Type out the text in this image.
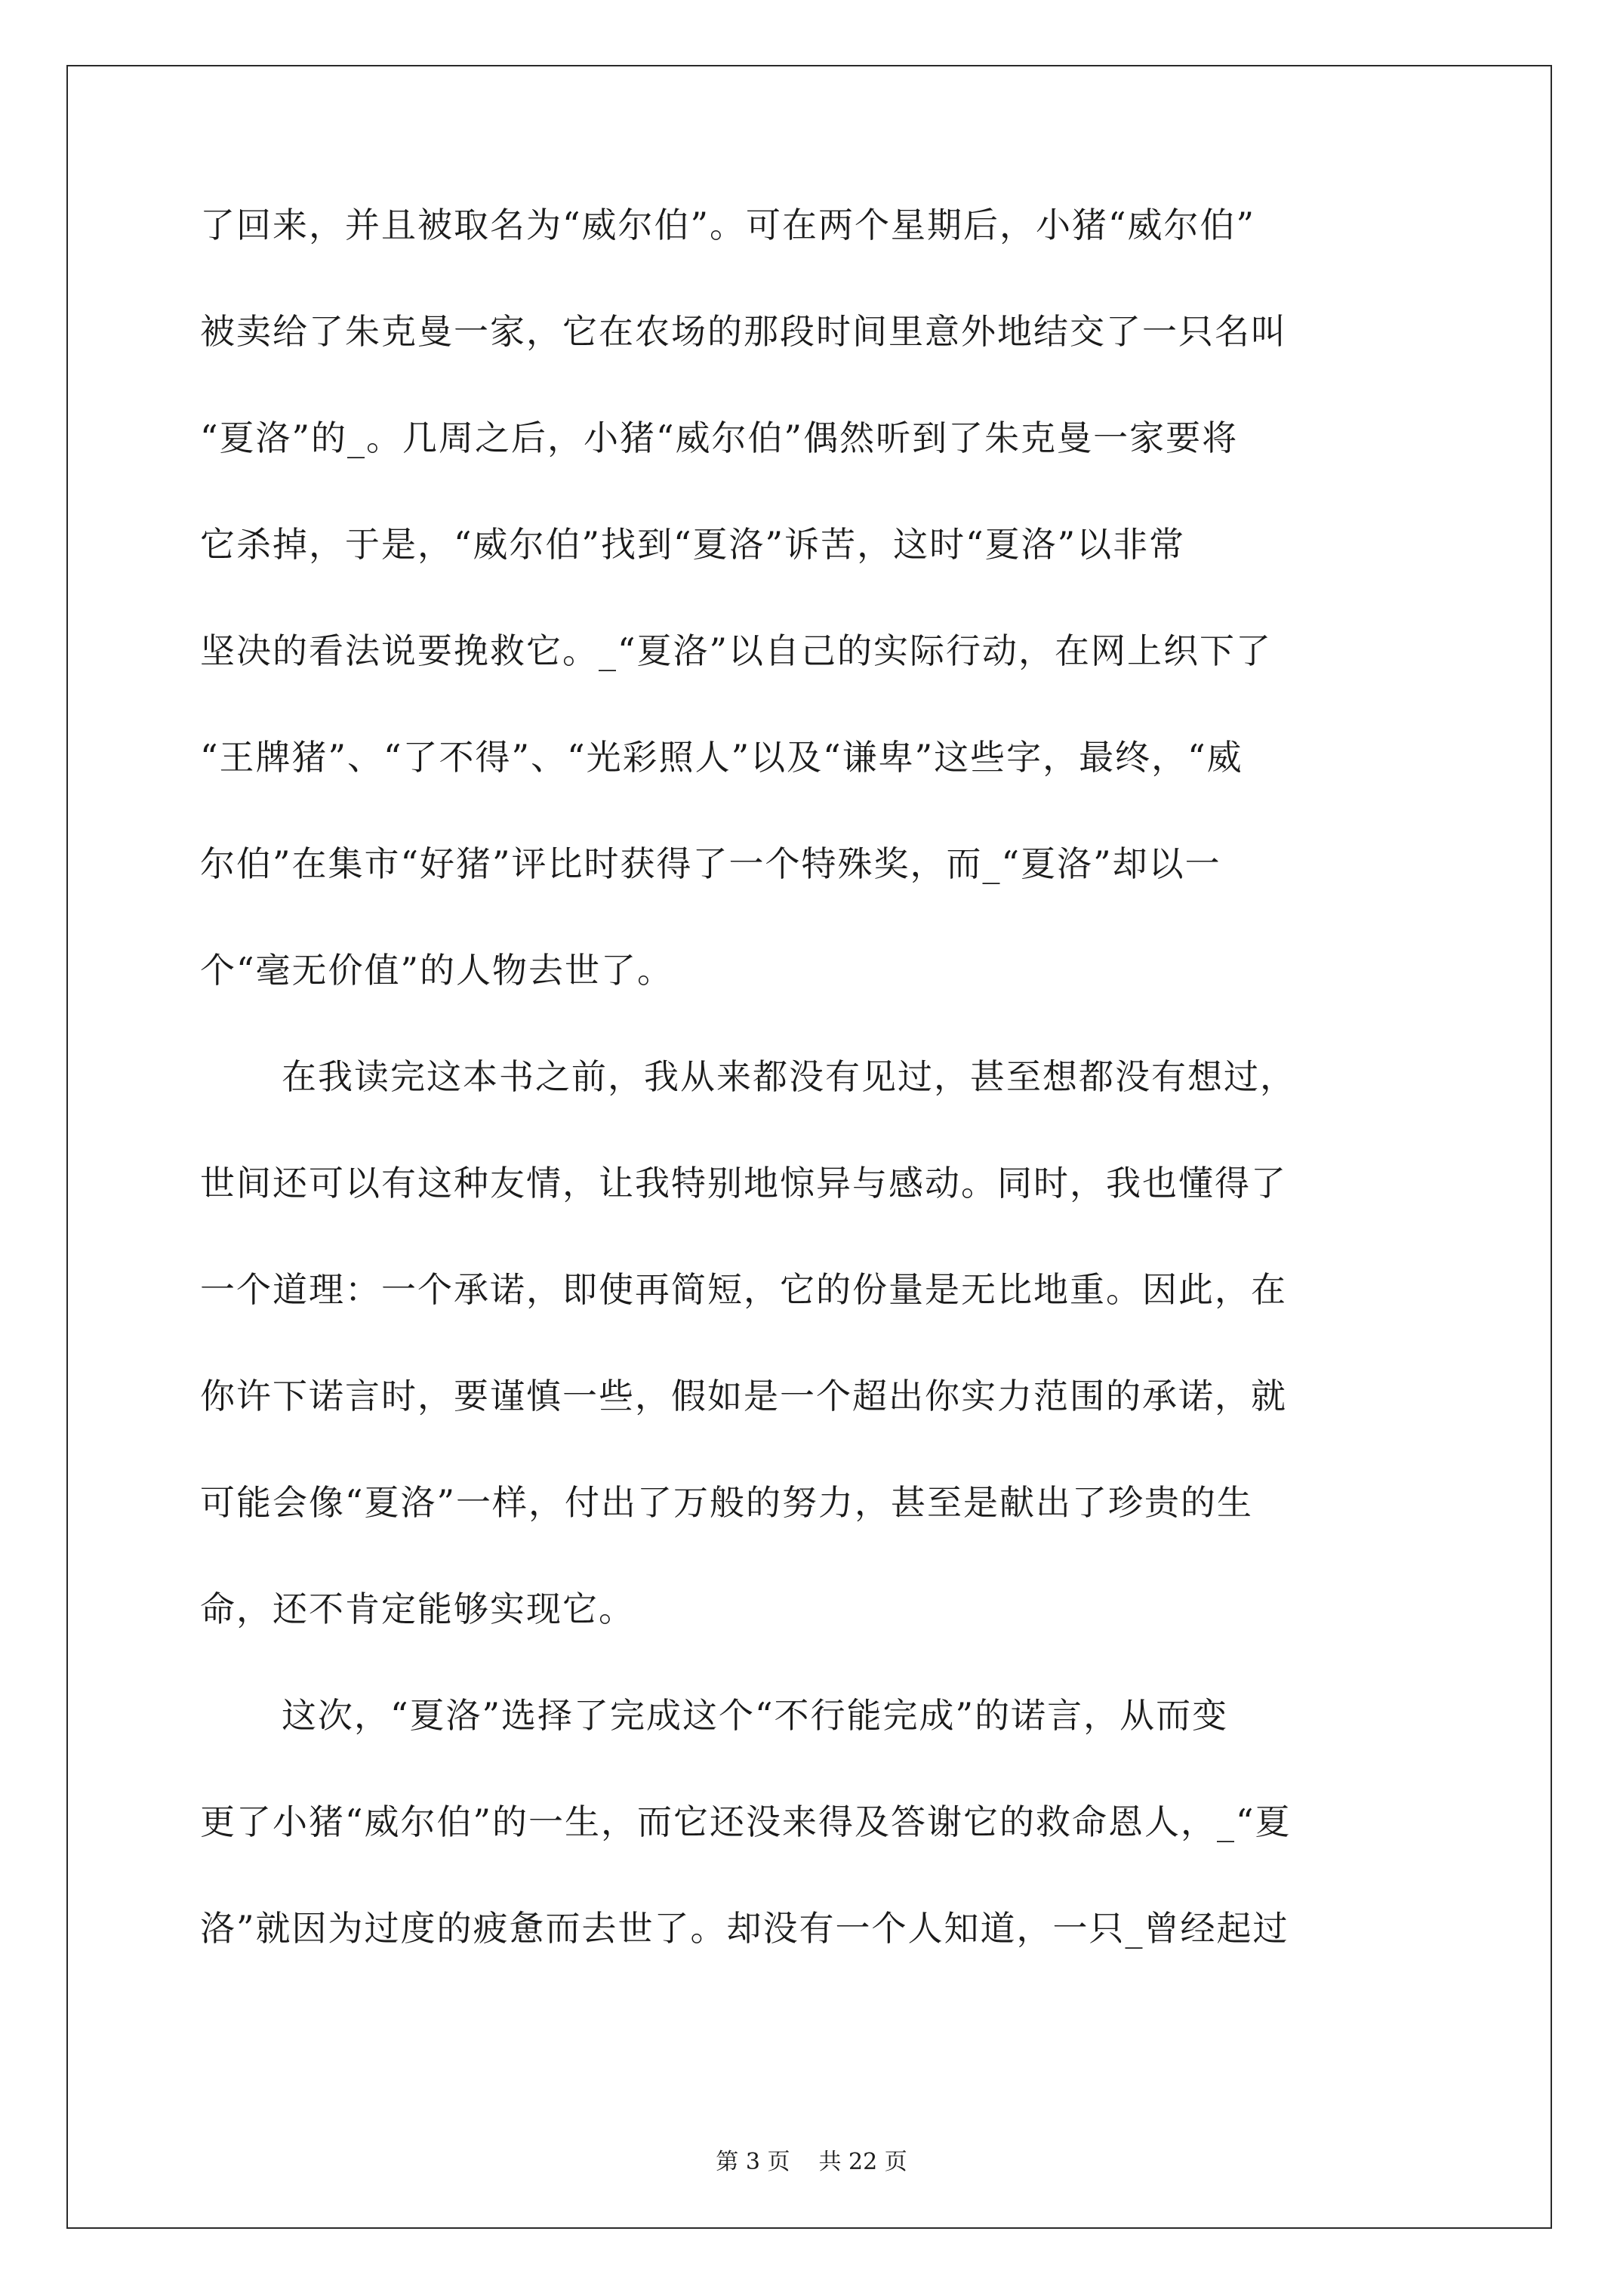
了回来，并且被取名为“威尔伯”。可在两个星期后，小猪“威尔伯”
被卖给了朱克曼一家，它在农场的那段时间里意外地结交了一只名叫
“夏洛”的_。几周之后，小猪“威尔伯”偶然听到了朱克曼一家要将
它杀掉，于是，“威尔伯”找到“夏洛”诉苦，这时“夏洛”以非常
坚决的看法说要挽救它。_“夏洛”以自己的实际行动，在网上织下了
“王牌猪”、“了不得”、“光彩照人”以及“谦卑”这些字，最终，“威
尔伯”在集市“好猪”评比时获得了一个特殊奖，而_“夏洛”却以一
个“毫无价值”的人物去世了。
在我读完这本书之前，我从来都没有见过，甚至想都没有想过，
世间还可以有这种友情，让我特别地惊异与感动。同时，我也懂得了
一个道理：一个承诺，即使再简短，它的份量是无比地重。因此，在
你许下诺言时，要谨慎一些，假如是一个超出你实力范围的承诺，就
可能会像“夏洛”一样，付出了万般的努力，甚至是献出了珍贵的生
命，还不肯定能够实现它。
这次，“夏洛”选择了完成这个“不行能完成”的诺言，从而变
更了小猪“威尔伯”的一生，而它还没来得及答谢它的救命恩人，_“夏
洛”就因为过度的疲惫而去世了。却没有一个人知道，一只_曾经起过
第 3 页 共 22 页
